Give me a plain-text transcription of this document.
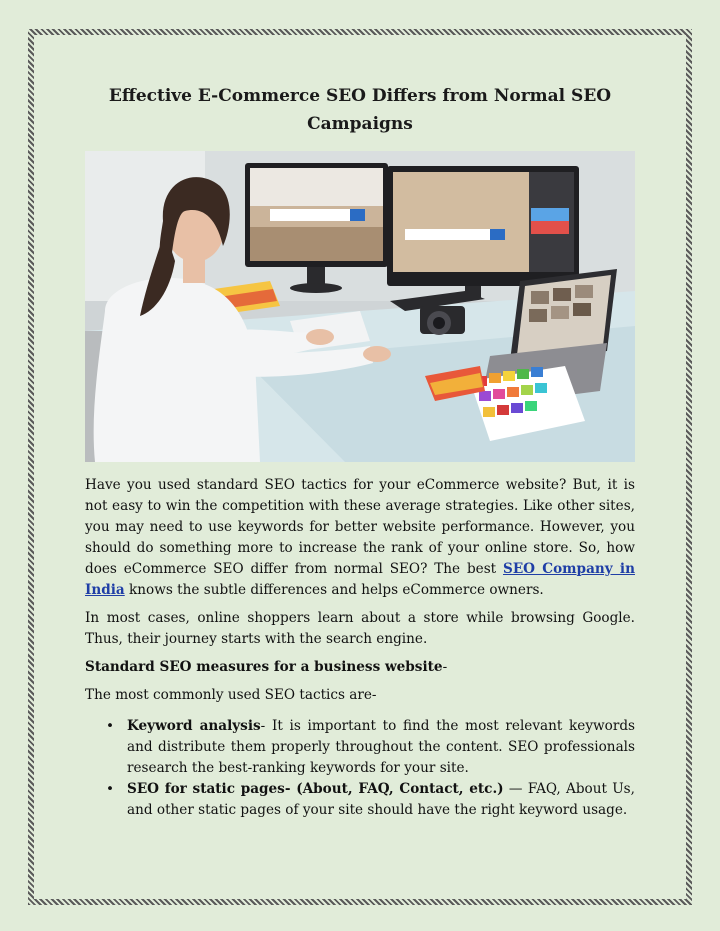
Effective E-Commerce SEO Differs from Normal SEO Campaigns

Have you used standard SEO tactics for your eCommerce website? But, it is not easy to win the competition with these average strategies. Like other sites, you may need to use keywords for better website performance. However, you should do something more to increase the rank of your online store. So, how does eCommerce SEO differ from normal SEO? The best SEO Company in India knows the subtle differences and helps eCommerce owners.

In most cases, online shoppers learn about a store while browsing Google. Thus, their journey starts with the search engine.

Standard SEO measures for a business website-

The most commonly used SEO tactics are-

• Keyword analysis- It is important to find the most relevant keywords and distribute them properly throughout the content. SEO professionals research the best-ranking keywords for your site.
• SEO for static pages- (About, FAQ, Contact, etc.) — FAQ, About Us, and other static pages of your site should have the right keyword usage.
